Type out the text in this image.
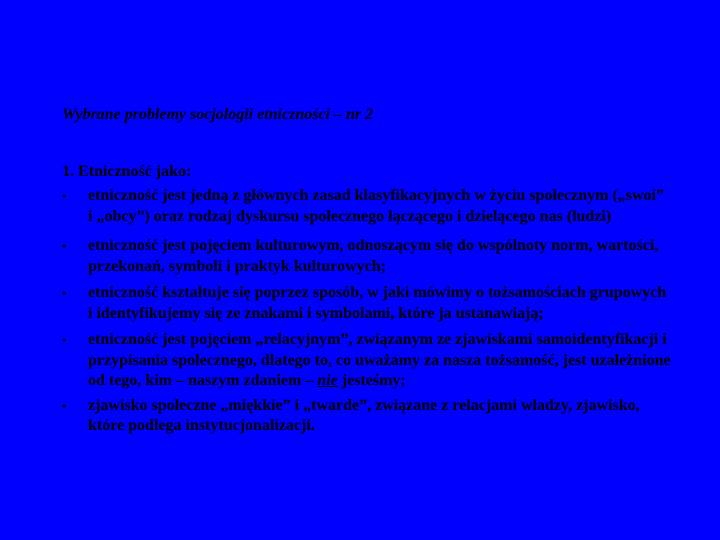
Wybrane problemy socjologii etniczności – nr 2
1. Etniczność jako:
•	etniczność jest jedną z głównych zasad klasyfikacyjnych w życiu społecznym („swoi” i „obcy”) oraz rodzaj dyskursu społecznego łączącego i dzielącego nas (ludzi)
•	etniczność jest pojęciem kulturowym, odnoszącym się do wspólnoty norm, wartości, przekonań, symboli i praktyk kulturowych;
•	etniczność kształtuje się poprzez sposób, w jaki mówimy o tożsamościach grupowych i identyfikujemy się ze znakami i symbolami, które ja ustanawiają;
•	etniczność jest pojęciem „relacyjnym”, związanym ze zjawiskami samoidentyfikacji i przypisania społecznego, dlatego to, co uważamy za nasza tożsamość, jest uzależnione od tego, kim – naszym zdaniem – nie jesteśmy;
•	zjawisko społeczne „miękkie” i „twarde”, związane z relacjami władzy, zjawisko, które podlega instytucjonalizacji.
